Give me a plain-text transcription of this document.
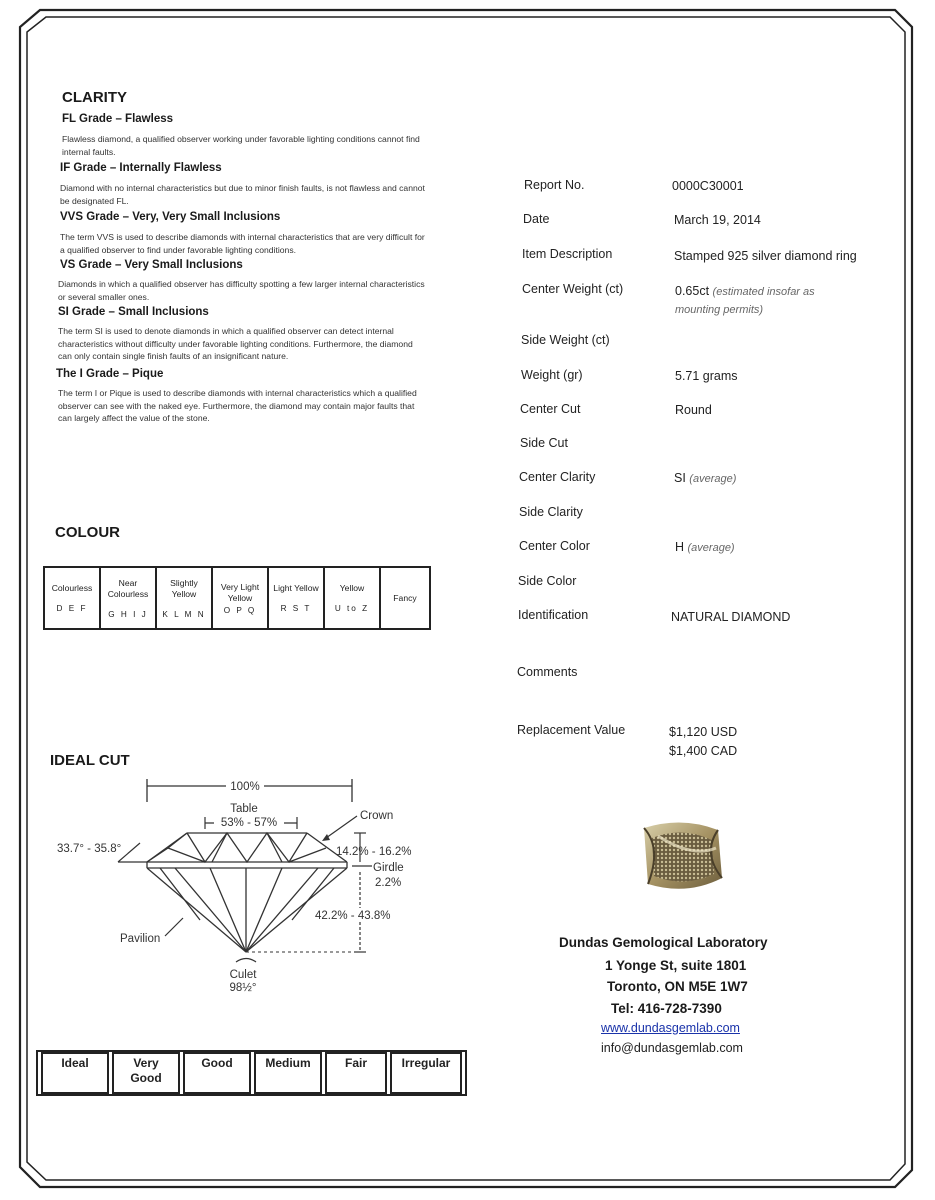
CLARITY
FL Grade – Flawless
Flawless diamond, a qualified observer working under favorable lighting conditions cannot find internal faults.
IF Grade – Internally Flawless
Diamond with no internal characteristics but due to minor finish faults, is not flawless and cannot be designated FL.
VVS Grade – Very, Very Small Inclusions
The term VVS is used to describe diamonds with internal characteristics that are very difficult for a qualified observer to find under favorable lighting conditions.
VS Grade – Very Small Inclusions
Diamonds in which a qualified observer has difficulty spotting a few larger internal characteristics or several smaller ones.
SI Grade – Small Inclusions
The term SI is used to denote diamonds in which a qualified observer can detect internal characteristics without difficulty under favorable lighting conditions. Furthermore, the diamond can only contain single finish faults of an insignificant nature.
The I Grade – Pique
The term I or Pique is used to describe diamonds with internal characteristics which a qualified observer can see with the naked eye. Furthermore, the diamond may contain major faults that can largely affect the value of the stone.
COLOUR
Colourless
D E F

Near Colourless
G H I J

Slightly Yellow
K L M N

Very Light Yellow
O P Q

Light Yellow
R S T

Yellow
U to Z

Fancy
IDEAL CUT
100%
Table
53% - 57%
33.7° - 35.8°
Crown
14.2% - 16.2%
Girdle
2.2%
42.2% - 43.8%
Pavilion
Culet
98½°
Ideal	Very Good	Good	Medium	Fair	Irregular
Report No.	0000C30001
Date	March 19, 2014
Item Description	Stamped 925 silver diamond ring
Center Weight (ct)	0.65ct (estimated insofar as mounting permits)
Side Weight (ct)
Weight (gr)	5.71 grams
Center Cut	Round
Side Cut
Center Clarity	SI (average)
Side Clarity
Center Color	H (average)
Side Color
Identification	NATURAL DIAMOND
Comments
Replacement Value	$1,120 USD
$1,400 CAD
Dundas Gemological Laboratory
1 Yonge St, suite 1801
Toronto, ON M5E 1W7
Tel: 416-728-7390
www.dundasgemlab.com
info@dundasgemlab.com
